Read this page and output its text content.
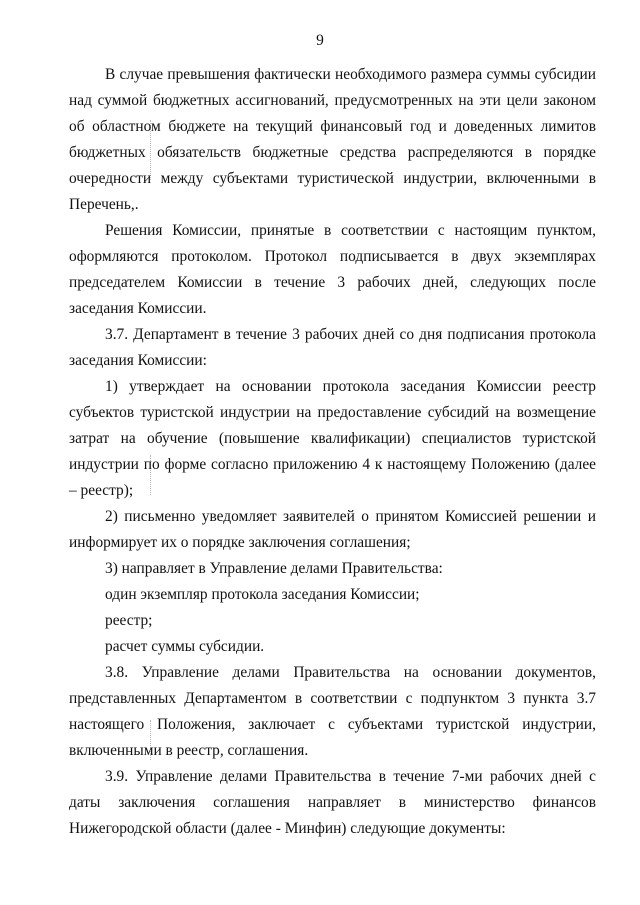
9

В случае превышения фактически необходимого размера суммы субсидии над суммой бюджетных ассигнований, предусмотренных на эти цели законом об областном бюджете на текущий финансовый год и доведенных лимитов бюджетных обязательств бюджетные средства распределяются в порядке очередности между субъектами туристической индустрии, включенными в Перечень,.

Решения Комиссии, принятые в соответствии с настоящим пунктом, оформляются протоколом. Протокол подписывается в двух экземплярах председателем Комиссии в течение 3 рабочих дней, следующих после заседания Комиссии.

3.7. Департамент в течение 3 рабочих дней со дня подписания протокола заседания Комиссии:

1) утверждает на основании протокола заседания Комиссии реестр субъектов туристской индустрии на предоставление субсидий на возмещение затрат на обучение (повышение квалификации) специалистов туристской индустрии по форме согласно приложению 4 к настоящему Положению (далее – реестр);

2) письменно уведомляет заявителей о принятом Комиссией решении и информирует их о порядке заключения соглашения;

3) направляет в Управление делами Правительства:

один экземпляр протокола заседания Комиссии;

реестр;

расчет суммы субсидии.

3.8. Управление делами Правительства на основании документов, представленных Департаментом в соответствии с подпунктом 3 пункта 3.7 настоящего Положения, заключает с субъектами туристской индустрии, включенными в реестр, соглашения.

3.9. Управление делами Правительства в течение 7-ми рабочих дней с даты заключения соглашения направляет в министерство финансов Нижегородской области (далее - Минфин) следующие документы:
